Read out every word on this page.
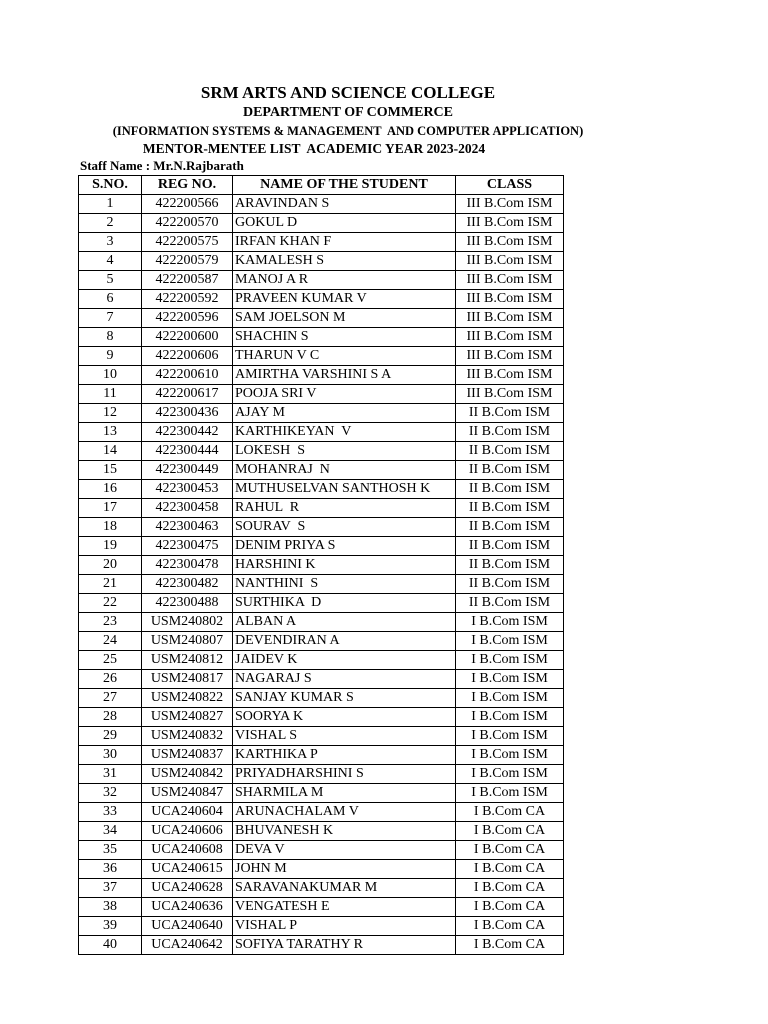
SRM ARTS AND SCIENCE COLLEGE
DEPARTMENT OF COMMERCE
(INFORMATION SYSTEMS & MANAGEMENT  AND COMPUTER APPLICATION)
MENTOR-MENTEE LIST  ACADEMIC YEAR 2023-2024
Staff Name : Mr.N.Rajbarath
S.NO.	REG NO.	NAME OF THE STUDENT	CLASS
1	422200566	ARAVINDAN S	III B.Com ISM
2	422200570	GOKUL D	III B.Com ISM
3	422200575	IRFAN KHAN F	III B.Com ISM
4	422200579	KAMALESH S	III B.Com ISM
5	422200587	MANOJ A R	III B.Com ISM
6	422200592	PRAVEEN KUMAR V	III B.Com ISM
7	422200596	SAM JOELSON M	III B.Com ISM
8	422200600	SHACHIN S	III B.Com ISM
9	422200606	THARUN V C	III B.Com ISM
10	422200610	AMIRTHA VARSHINI S A	III B.Com ISM
11	422200617	POOJA SRI V	III B.Com ISM
12	422300436	AJAY M	II B.Com ISM
13	422300442	KARTHIKEYAN  V	II B.Com ISM
14	422300444	LOKESH  S	II B.Com ISM
15	422300449	MOHANRAJ  N	II B.Com ISM
16	422300453	MUTHUSELVAN SANTHOSH K	II B.Com ISM
17	422300458	RAHUL  R	II B.Com ISM
18	422300463	SOURAV  S	II B.Com ISM
19	422300475	DENIM PRIYA S	II B.Com ISM
20	422300478	HARSHINI K	II B.Com ISM
21	422300482	NANTHINI  S	II B.Com ISM
22	422300488	SURTHIKA  D	II B.Com ISM
23	USM240802	ALBAN A	I B.Com ISM
24	USM240807	DEVENDIRAN A	I B.Com ISM
25	USM240812	JAIDEV K	I B.Com ISM
26	USM240817	NAGARAJ S	I B.Com ISM
27	USM240822	SANJAY KUMAR S	I B.Com ISM
28	USM240827	SOORYA K	I B.Com ISM
29	USM240832	VISHAL S	I B.Com ISM
30	USM240837	KARTHIKA P	I B.Com ISM
31	USM240842	PRIYADHARSHINI S	I B.Com ISM
32	USM240847	SHARMILA M	I B.Com ISM
33	UCA240604	ARUNACHALAM V	I B.Com CA
34	UCA240606	BHUVANESH K	I B.Com CA
35	UCA240608	DEVA V	I B.Com CA
36	UCA240615	JOHN M	I B.Com CA
37	UCA240628	SARAVANAKUMAR M	I B.Com CA
38	UCA240636	VENGATESH E	I B.Com CA
39	UCA240640	VISHAL P	I B.Com CA
40	UCA240642	SOFIYA TARATHY R	I B.Com CA
